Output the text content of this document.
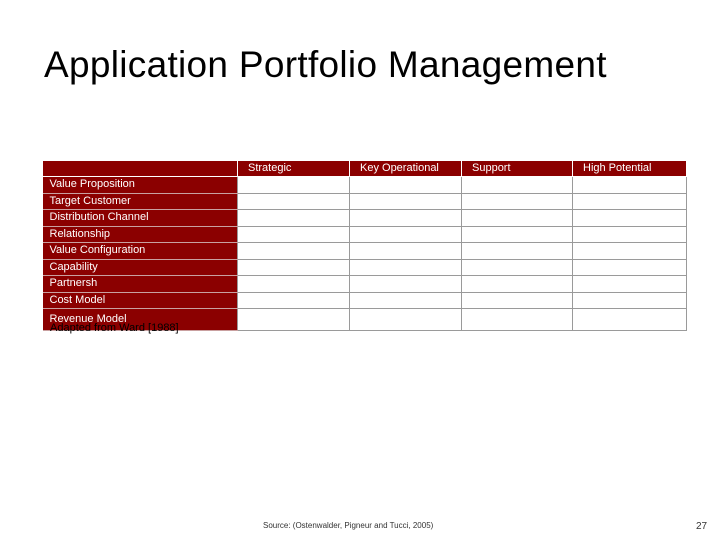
Application Portfolio Management
	Strategic	Key Operational	Support	High Potential
Value Proposition				
Target Customer				
Distribution Channel				
Relationship				
Value Configuration				
Capability				
Partnersh				
Cost Model				
Revenue Model				
Adapted from Ward [1988]
Source: (Ostenwalder, Pigneur and Tucci, 2005)	27
